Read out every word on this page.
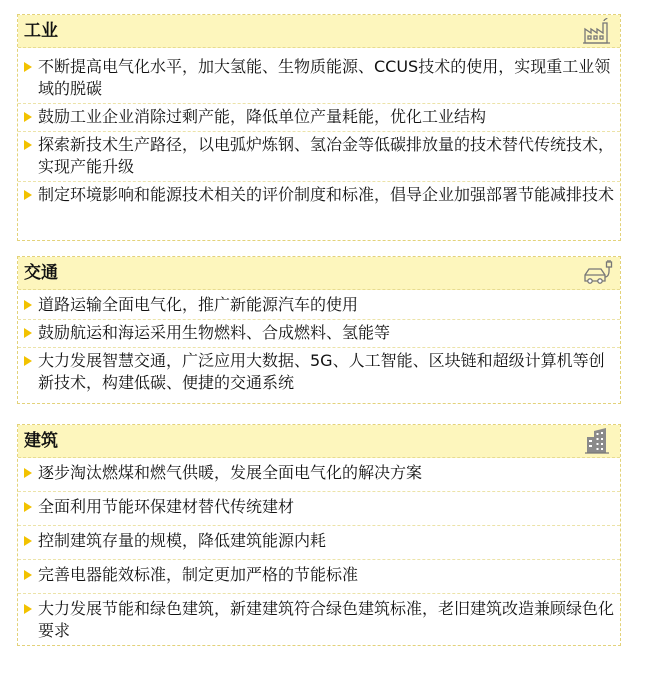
工业
不断提高电气化水平，加大氢能、生物质能源、CCUS技术的使用，实现重工业领域的脱碳
鼓励工业企业消除过剩产能，降低单位产量耗能，优化工业结构
探索新技术生产路径，以电弧炉炼钢、氢冶金等低碳排放量的技术替代传统技术，实现产能升级
制定环境影响和能源技术相关的评价制度和标准，倡导企业加强部署节能减排技术
交通
道路运输全面电气化，推广新能源汽车的使用
鼓励航运和海运采用生物燃料、合成燃料、氢能等
大力发展智慧交通，广泛应用大数据、5G、人工智能、区块链和超级计算机等创新技术，构建低碳、便捷的交通系统
建筑
逐步淘汰燃煤和燃气供暖，发展全面电气化的解决方案
全面利用节能环保建材替代传统建材
控制建筑存量的规模，降低建筑能源内耗
完善电器能效标准，制定更加严格的节能标准
大力发展节能和绿色建筑，新建建筑符合绿色建筑标准，老旧建筑改造兼顾绿色化要求
